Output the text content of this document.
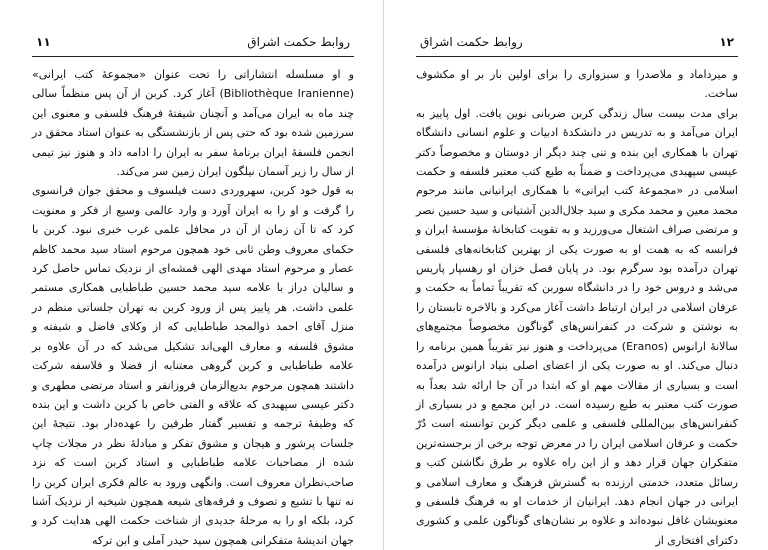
روابط حکمت اشراق
۱۱

و او مسلسله انتشاراتی را تحت عنوان «مجموعهٔ کتب ایرانی» (Bibliothèque Iranienne) آغاز کرد. کربن از آن پس منظماً سالی چند ماه به ایران می‌آمد و آنچنان شیفتهٔ فرهنگ فلسفی و معنوی این سرزمین شده بود که حتی پس از بازنشستگی به عنوان استاد محقق در انجمن فلسفهٔ ایران برنامهٔ سفر به ایران را ادامه داد و هنوز نیز تیمی از سال را زیر آسمان نیلگون ایران زمین سر می‌کند.

به قول خود کربن، سهروردی دست فیلسوف و محقق جوان فرانسوی را گرفت و او را به ایران آورد و وارد عالمی وسیع از فکر و معنویت کرد که تا آن زمان از آن در محافل علمی غرب خبری نبود. کربن با حکمای معروف وطن ثانی خود همچون مرحوم استاد سید محمد کاظم عصار و مرحوم استاد مهدی الهی قمشه‌ای از نزدیک تماس حاصل کرد و سالیان دراز با علامه سید محمد حسین طباطبایی همکاری مستمر علمی داشت. هر پاییز پس از ورود کربن به تهران جلساتی منظم در منزل آقای احمد ذوالمجد طباطبایی که از وکلای فاضل و شیفته و مشوق فلسفه و معارف الهی‌اند تشکیل می‌شد که در آن علاوه بر علامه طباطبایی و کربن گروهی معتنابه از فضلا و فلاسفه شرکت داشتند همچون مرحوم بدیع‌الزمان فروزانفر و استاد مرتضی مطهری و دکتر عیسی سپهبدی که علاقه و الفتی خاص با کربن داشت و این بنده که وظیفهٔ ترجمه و تفسیر گفتار طرفین را عهده‌دار بود. نتیجهٔ این جلسات پرشور و هیجان و مشوق تفکر و مبادلهٔ نظر در مجلات چاپ شده از مصاحبات علامه طباطبایی و استاد کربن است که نزد صاحب‌نظران معروف است. وانگهی ورود به عالم فکری ایران کربن را نه تنها با تشیع و تصوف و فرقه‌های شیعه همچون شیخیه از نزدیک آشنا کرد، بلکه او را به مرحلهٔ جدیدی از شناخت حکمت الهی هدایت کرد و جهان اندیشهٔ متفکرانی همچون سید حیدر آملی و ابن ترکه

روابط حکمت اشراق	۱۲

و میرداماد و ملاصدرا و سبزواری را برای اولین بار بر او مکشوف ساخت.

برای مدت بیست سال زندگی کربن ضربانی نوین یافت. اول پاییز به ایران می‌آمد و به تدریس در دانشکدهٔ ادبیات و علوم انسانی دانشگاه تهران با همکاری این بنده و تنی چند دیگر از دوستان و مخصوصاً دکتر عیسی سپهبدی می‌پرداخت و ضمناً به طبع کتب معتبر فلسفه و حکمت اسلامی در «مجموعهٔ کتب ایرانی» با همکاری ایرانیانی مانند مرحوم محمد معین و محمد مکری و سید جلال‌الدین آشتیانی و سید حسین نصر و مرتضی صراف اشتغال می‌ورزید و به تقویت کتابخانهٔ مؤسسهٔ ایران و فرانسه که به همت او به صورت یکی از بهترین کتابخانه‌های فلسفی تهران درآمده بود سرگرم بود. در پایان فصل خزان او رهسپار پاریس می‌شد و دروس خود را در دانشگاه سوربن که تقریباً تماماً به حکمت و عرفان اسلامی در ایران ارتباط داشت آغاز می‌کرد و بالاخره تابستان را به نوشتن و شرکت در کنفرانس‌های گوناگون مخصوصاً مجتمع‌های سالانهٔ ارانوس (Eranos) می‌پرداخت و هنوز نیز تقریباً همین برنامه را دنبال می‌کند. او به صورت یکی از اعضای اصلی بنیاد ارانوس درآمده است و بسیاری از مقالات مهم او که ابتدا در آن جا ارائه شد بعداً به صورت کتب معتبر به طبع رسیده است. در این مجمع و در بسیاری از کنفرانس‌های بین‌المللی فلسفی و علمی دیگر کربن توانسته است دُرّ حکمت و عرفان اسلامی ایران را در معرض توجه برخی از برجسته‌ترین متفکران جهان قرار دهد و از این راه علاوه بر طرق نگاشتن کتب و رسائل متعدد، خدمتی ارزنده به گسترش فرهنگ و معارف اسلامی و ایرانی در جهان انجام دهد. ایرانیان از خدمات او به فرهنگ فلسفی و معنویشان غافل نبوده‌اند و علاوه بر نشان‌های گوناگون علمی و کشوری دکترای افتخاری از
